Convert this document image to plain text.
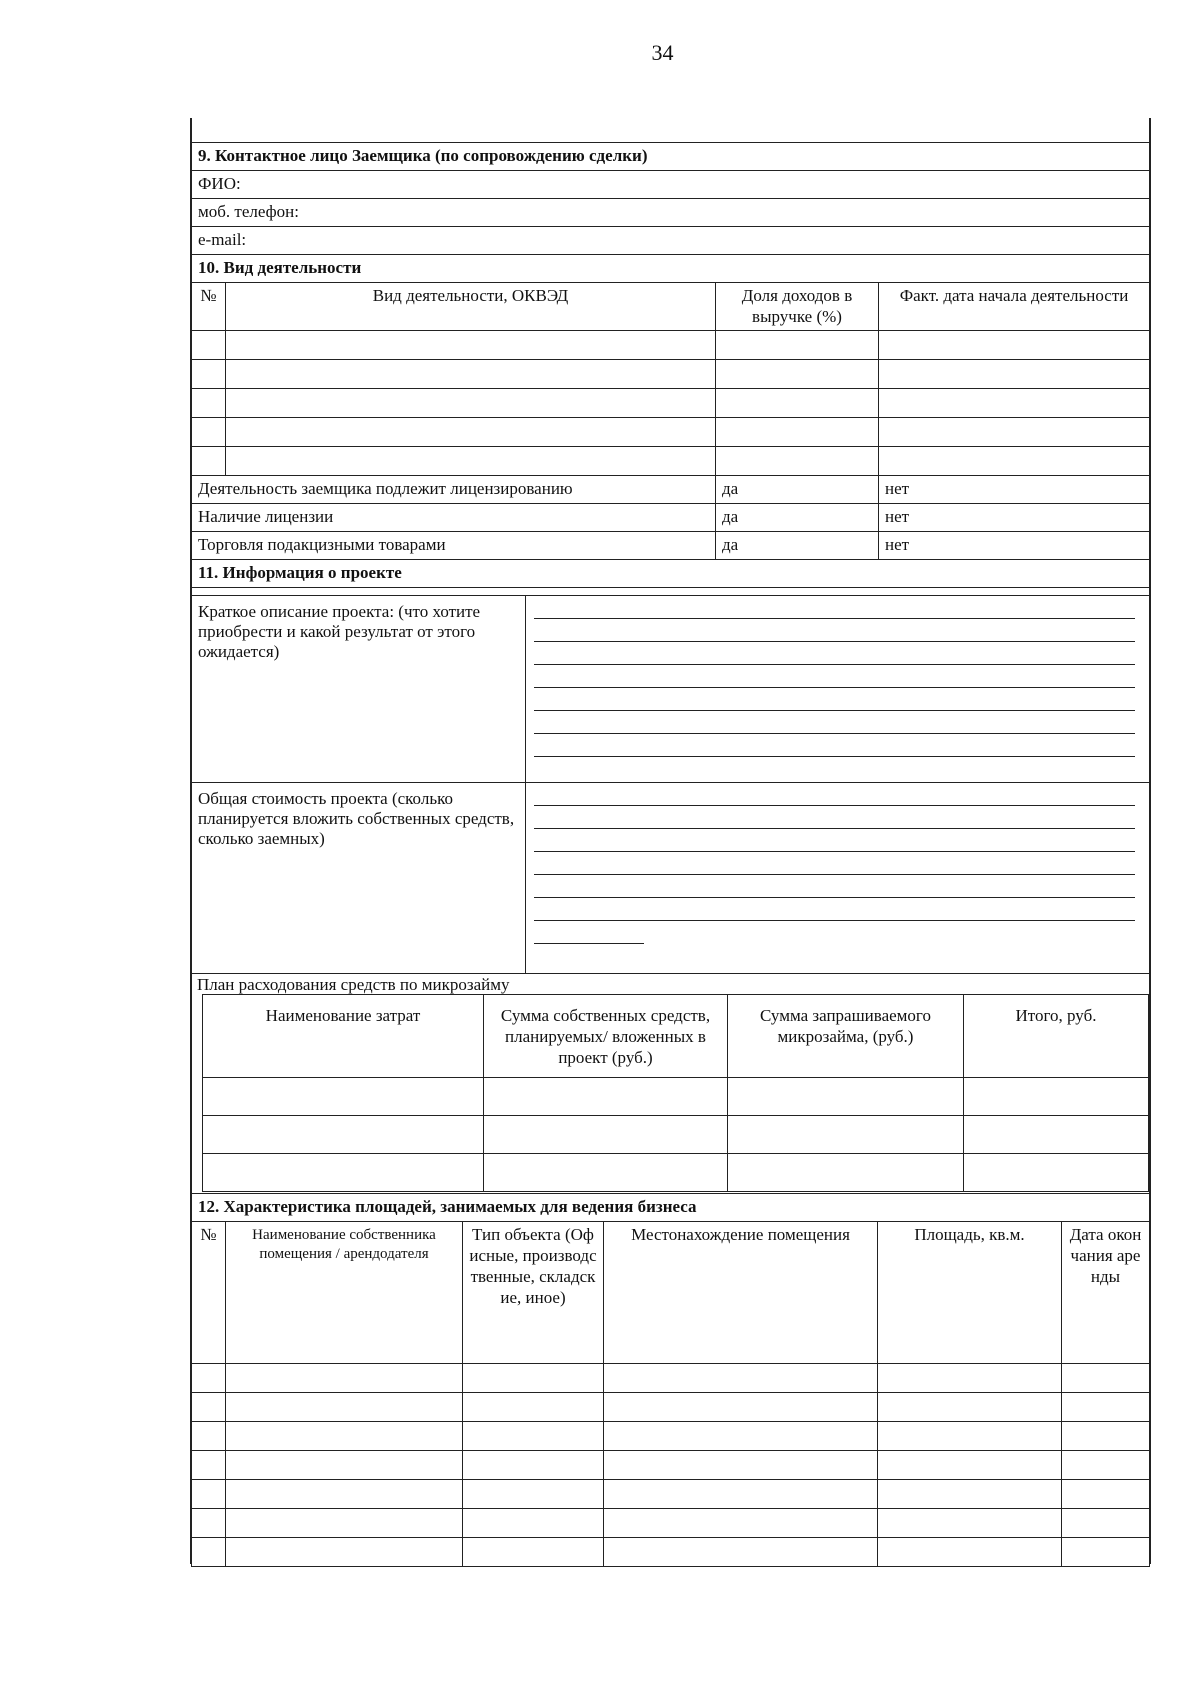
34
9. Контактное лицо Заемщика (по сопровождению сделки)			
ФИО:			
моб. телефон:			
e-mail:			
10. Вид деятельности			
№	Вид деятельности, ОКВЭД	Доля доходов в выручке (%)	Факт. дата начала деятельности

Деятельность заемщика подлежит лицензированию		да	нет
Наличие лицензии		да	нет
Торговля подакцизными товарами		да	нет
11. Информация о проекте			
Краткое описание проекта: (что хотите приобрести и какой результат от этого ожидается)	

Общая стоимость проекта (сколько планируется вложить собственных средств, сколько заемных)	
План расходования средств по микрозайму
Наименование затрат	Сумма собственных средств, планируемых/ вложенных в проект (руб.)	Сумма запрашиваемого микрозайма, (руб.)	Итого, руб.

12. Характеристика площадей, занимаемых для ведения бизнеса					
№	Наименование собственника помещения / арендодателя	Тип объекта (Офисные, производственные, складские, иное)	Местонахождение помещения	Площадь, кв.м.	Дата окончания аренды
